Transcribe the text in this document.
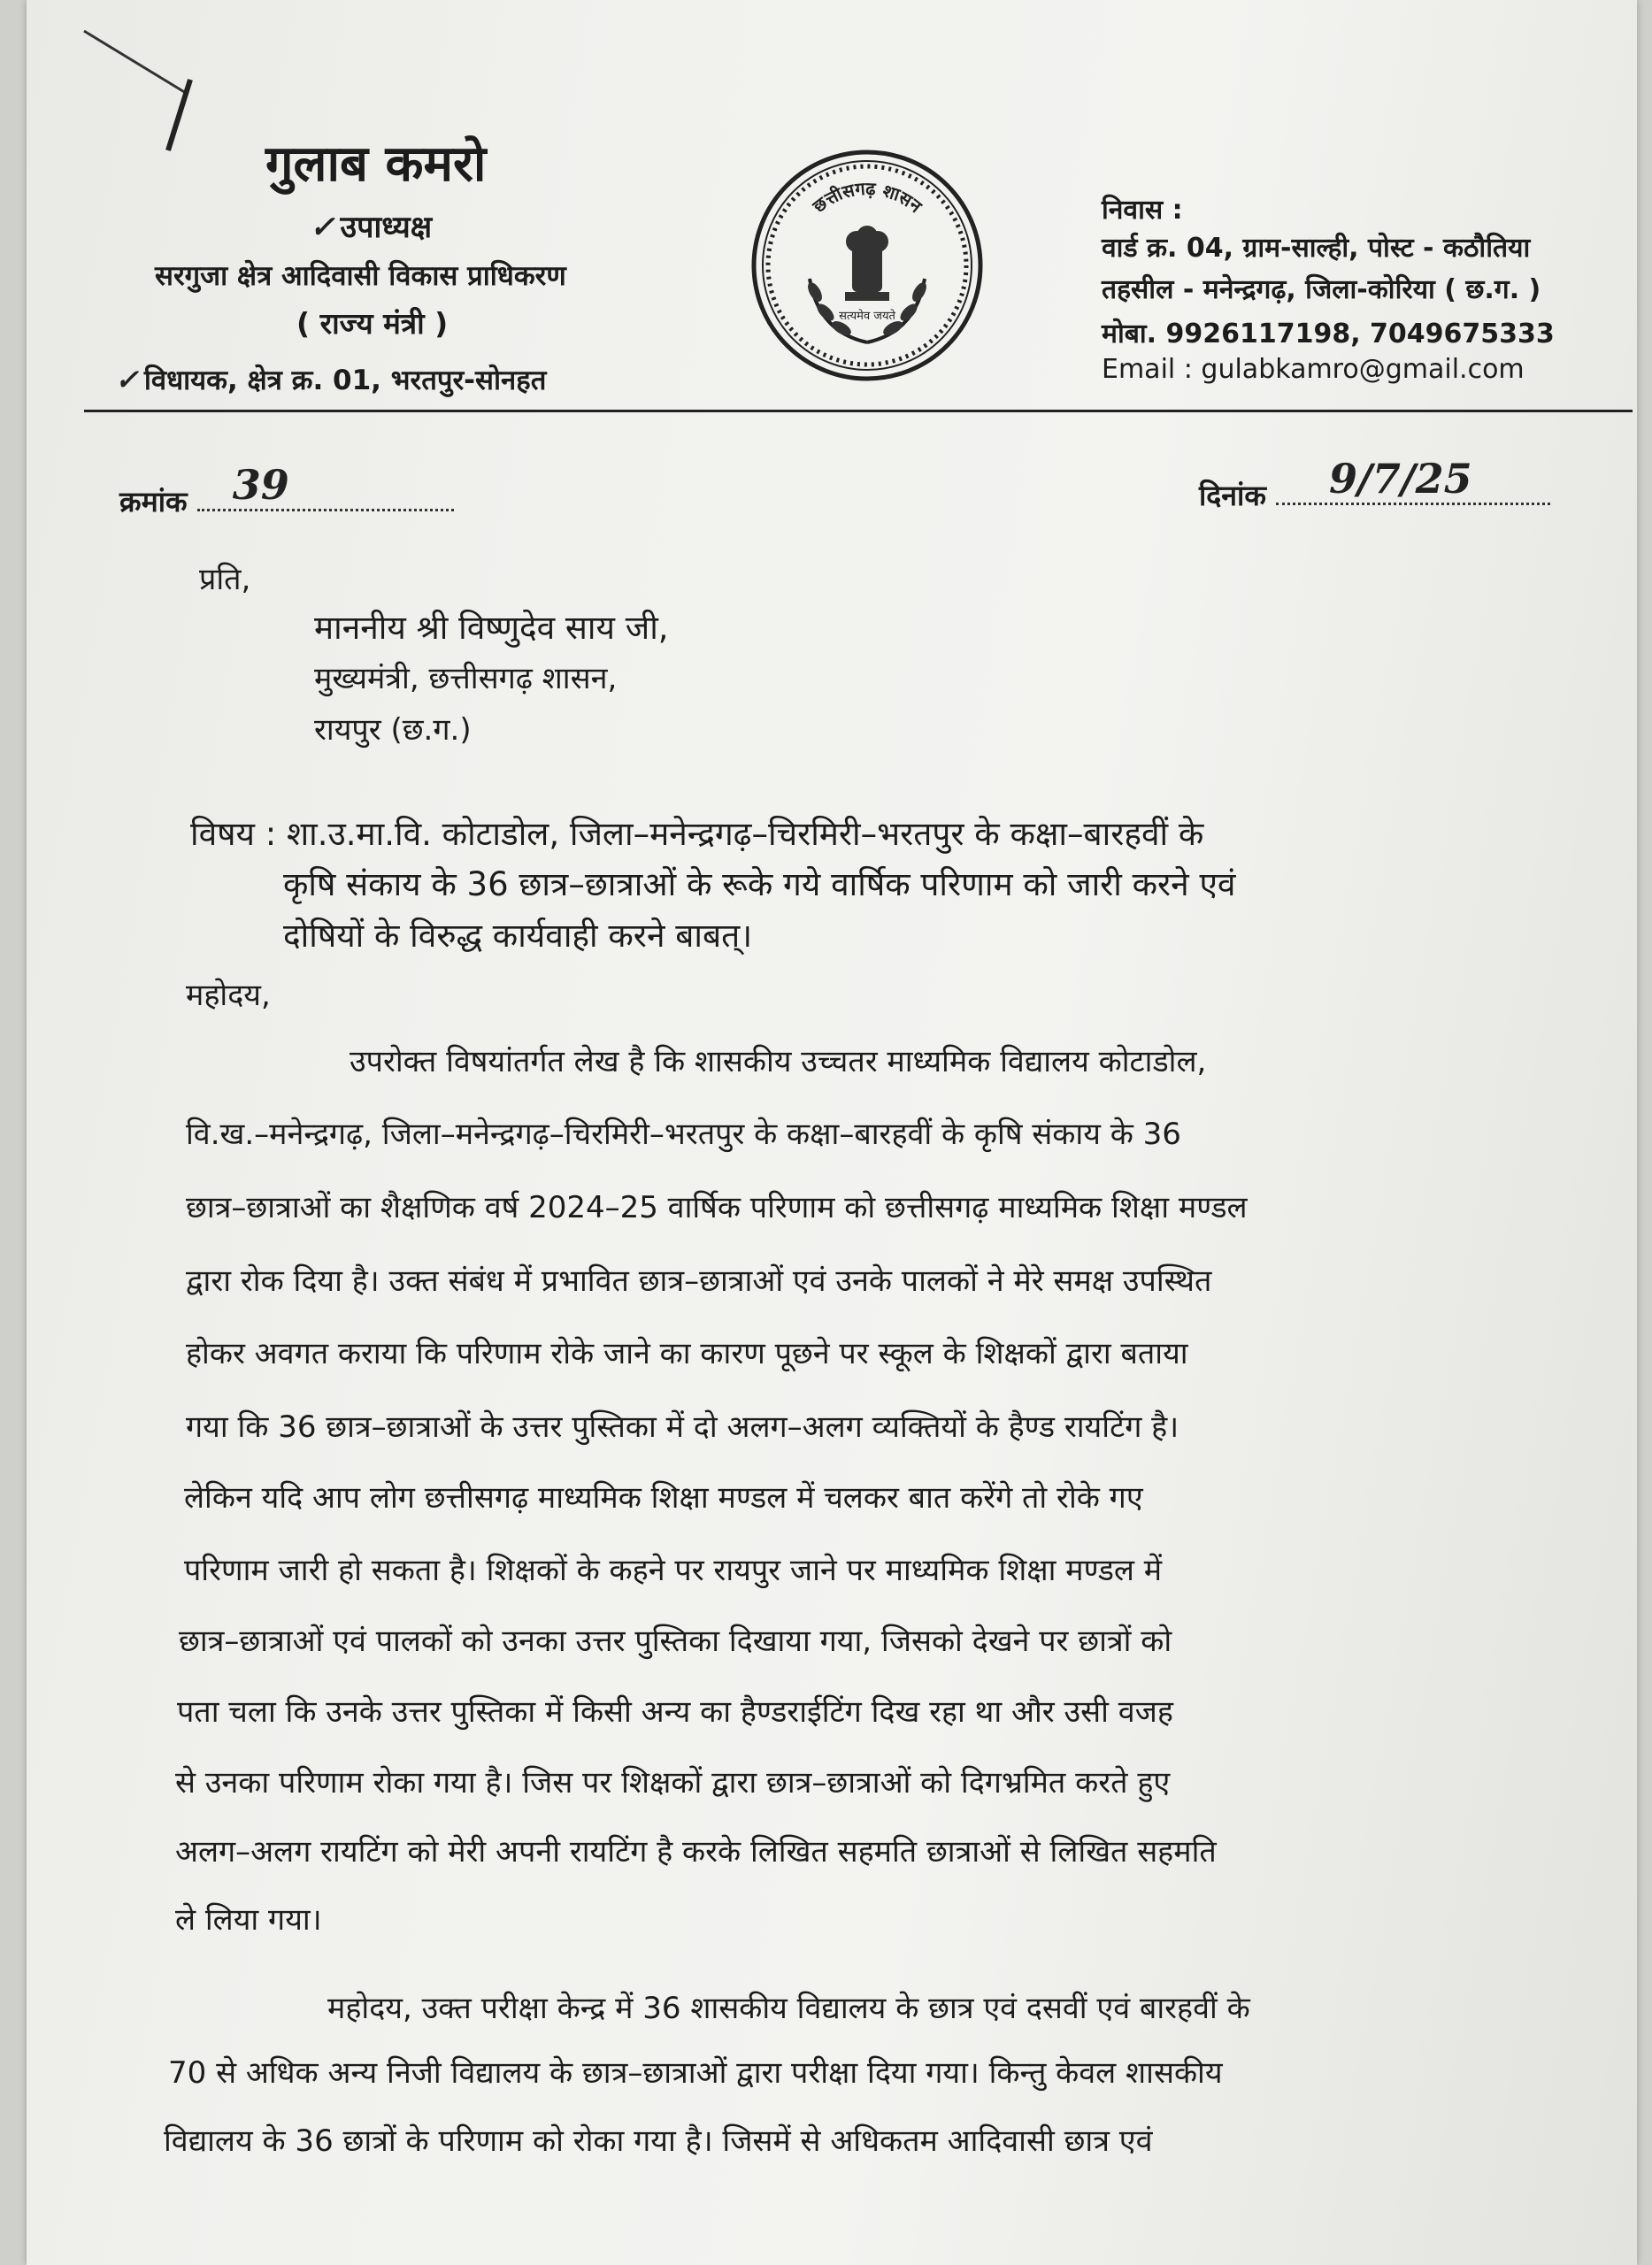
गुलाब कमरो
✓ उपाध्यक्ष
सरगुजा क्षेत्र आदिवासी विकास प्राधिकरण
( राज्य मंत्री )
✓ विधायक, क्षेत्र क्र. 01, भरतपुर-सोनहत
छत्तीसगढ़ शासन
सत्यमेव जयते
निवास :
वार्ड क्र. 04, ग्राम-साल्ही, पोस्ट - कठौतिया
तहसील - मनेन्द्रगढ़, जिला-कोरिया ( छ.ग. )
मोबा. 9926117198, 7049675333
Email : gulabkamro@gmail.com
क्रमांक 39	दिनांक 9/7/25
प्रति,
माननीय श्री विष्णुदेव साय जी,
मुख्यमंत्री, छत्तीसगढ़ शासन,
रायपुर (छ.ग.)
विषय : शा.उ.मा.वि. कोटाडोल, जिला–मनेन्द्रगढ़–चिरमिरी–भरतपुर के कक्षा–बारहवीं के
कृषि संकाय के 36 छात्र–छात्राओं के रूके गये वार्षिक परिणाम को जारी करने एवं
दोषियों के विरुद्ध कार्यवाही करने बाबत्।
महोदय,
उपरोक्त विषयांतर्गत लेख है कि शासकीय उच्चतर माध्यमिक विद्यालय कोटाडोल,
वि.ख.–मनेन्द्रगढ़, जिला–मनेन्द्रगढ़–चिरमिरी–भरतपुर के कक्षा–बारहवीं के कृषि संकाय के 36
छात्र–छात्राओं का शैक्षणिक वर्ष 2024–25 वार्षिक परिणाम को छत्तीसगढ़ माध्यमिक शिक्षा मण्डल
द्वारा रोक दिया है। उक्त संबंध में प्रभावित छात्र–छात्राओं एवं उनके पालकों ने मेरे समक्ष उपस्थित
होकर अवगत कराया कि परिणाम रोके जाने का कारण पूछने पर स्कूल के शिक्षकों द्वारा बताया
गया कि 36 छात्र–छात्राओं के उत्तर पुस्तिका में दो अलग–अलग व्यक्तियों के हैण्ड रायटिंग है।
लेकिन यदि आप लोग छत्तीसगढ़ माध्यमिक शिक्षा मण्डल में चलकर बात करेंगे तो रोके गए
परिणाम जारी हो सकता है। शिक्षकों के कहने पर रायपुर जाने पर माध्यमिक शिक्षा मण्डल में
छात्र–छात्राओं एवं पालकों को उनका उत्तर पुस्तिका दिखाया गया, जिसको देखने पर छात्रों को
पता चला कि उनके उत्तर पुस्तिका में किसी अन्य का हैण्डराईटिंग दिख रहा था और उसी वजह
से उनका परिणाम रोका गया है। जिस पर शिक्षकों द्वारा छात्र–छात्राओं को दिगभ्रमित करते हुए
अलग–अलग रायटिंग को मेरी अपनी रायटिंग है करके लिखित सहमति छात्राओं से लिखित सहमति
ले लिया गया।
महोदय, उक्त परीक्षा केन्द्र में 36 शासकीय विद्यालय के छात्र एवं दसवीं एवं बारहवीं के
70 से अधिक अन्य निजी विद्यालय के छात्र–छात्राओं द्वारा परीक्षा दिया गया। किन्तु केवल शासकीय
विद्यालय के 36 छात्रों के परिणाम को रोका गया है। जिसमें से अधिकतम आदिवासी छात्र एवं
